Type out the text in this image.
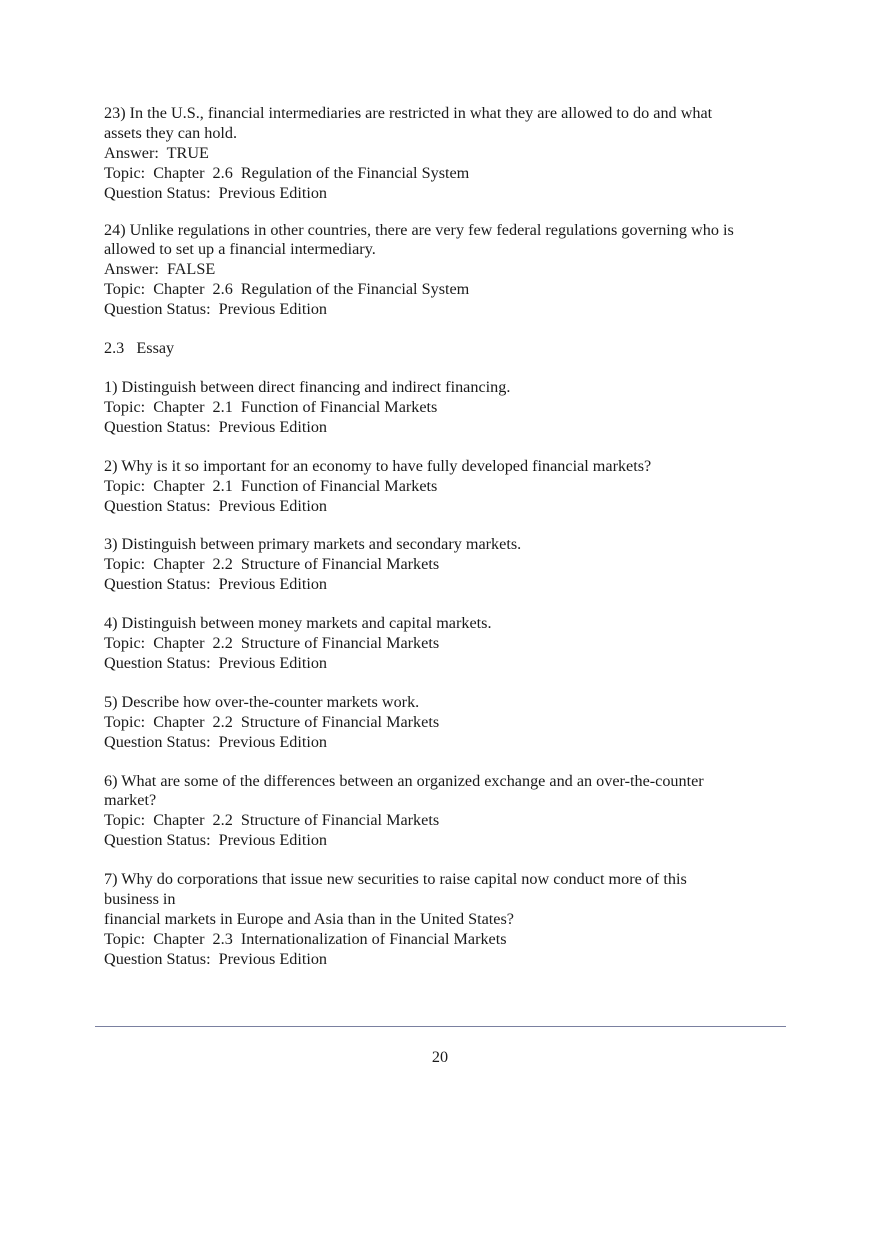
23) In the U.S., financial intermediaries are restricted in what they are allowed to do and what
assets they can hold.
Answer:  TRUE
Topic:  Chapter  2.6  Regulation of the Financial System
Question Status:  Previous Edition
24) Unlike regulations in other countries, there are very few federal regulations governing who is
allowed to set up a financial intermediary.
Answer:  FALSE
Topic:  Chapter  2.6  Regulation of the Financial System
Question Status:  Previous Edition
2.3   Essay
1) Distinguish between direct financing and indirect financing.
Topic:  Chapter  2.1  Function of Financial Markets
Question Status:  Previous Edition
2) Why is it so important for an economy to have fully developed financial markets?
Topic:  Chapter  2.1  Function of Financial Markets
Question Status:  Previous Edition
3) Distinguish between primary markets and secondary markets.
Topic:  Chapter  2.2  Structure of Financial Markets
Question Status:  Previous Edition
4) Distinguish between money markets and capital markets.
Topic:  Chapter  2.2  Structure of Financial Markets
Question Status:  Previous Edition
5) Describe how over-the-counter markets work.
Topic:  Chapter  2.2  Structure of Financial Markets
Question Status:  Previous Edition
6) What are some of the differences between an organized exchange and an over-the-counter
market?
Topic:  Chapter  2.2  Structure of Financial Markets
Question Status:  Previous Edition
7) Why do corporations that issue new securities to raise capital now conduct more of this
business in
financial markets in Europe and Asia than in the United States?
Topic:  Chapter  2.3  Internationalization of Financial Markets
Question Status:  Previous Edition
20
